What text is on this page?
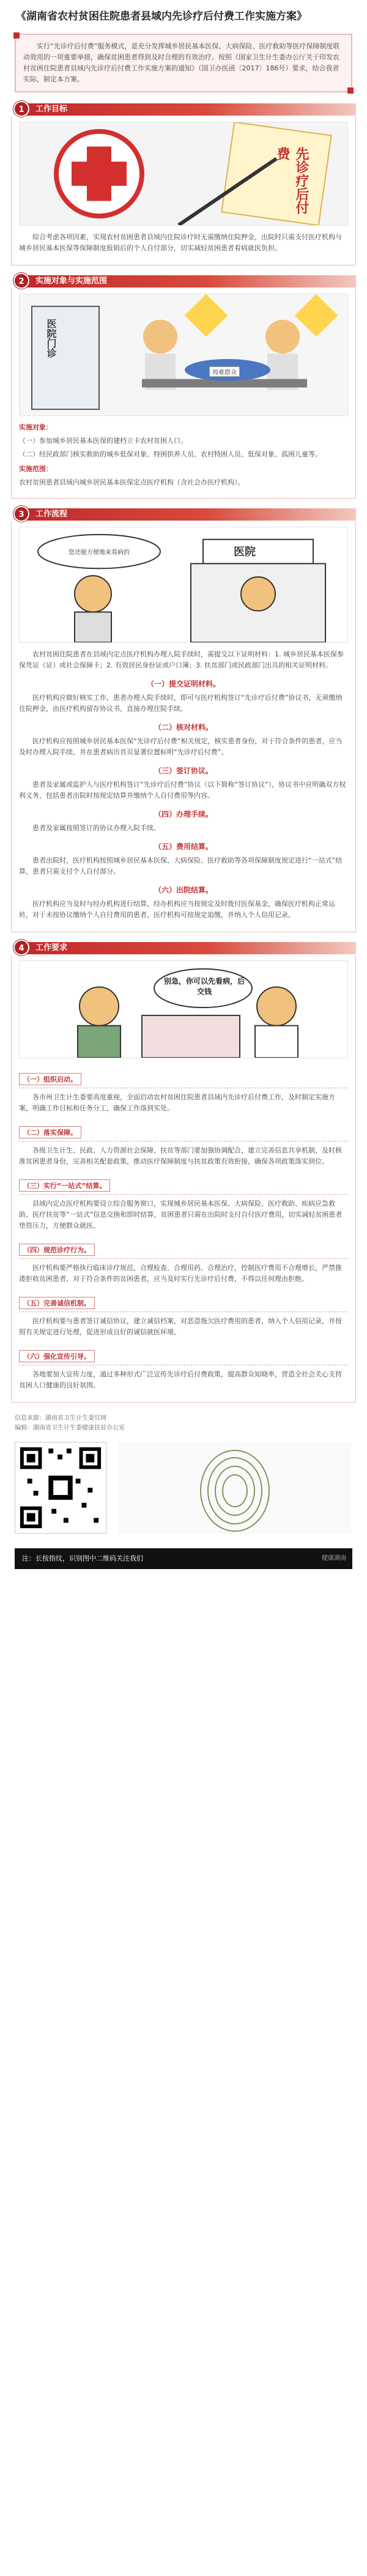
《湖南省农村贫困住院患者县域内先诊疗后付费工作实施方案》
实行“先诊疗后付费”服务模式，是充分发挥城乡居民基本医保、大病保险、医疗救助等医疗保障制度联动效用的一项重要举措，确保贫困患者得到及时合理的有效治疗。按照《国家卫生计生委办公厅关于印发农村贫困住院患者县域内先诊疗后付费工作实施方案的通知》（国卫办医函〔2017〕186号）要求，结合我省实际，制定本方案。
1	工作目标
先诊疗后付费
综合考虑各项因素，实现农村贫困患者县域内住院诊疗时无需缴纳住院押金，出院时只需支付医疗机构与城乡居民基本医保等保障制度报销后的个人自付部分，切实减轻贫困患者看病就医负担。
2	实施对象与实施范围
医院门诊
周难群众
实施对象：
（一）参加城乡居民基本医保的建档立卡农村贫困人口。
（二）经民政部门核实救助的城乡低保对象、特困供养人员、农村特困人员、低保对象、孤困儿童等。
实施范围：
农村贫困患者县域内城乡居民基本医保定点医疗机构（含社会办医疗机构）。
3	工作流程
医院
您还能方便地来看病的
农村贫困住院患者在县域内定点医疗机构办理入院手续时，需提交以下证明材料：1. 城乡居民基本医保参保凭证（证）或社会保障卡；2. 有效居民身份证或户口簿；3. 扶贫部门或民政部门出具的相关证明材料。
（一）提交证明材料。
医疗机构应做好核实工作，患者办理入院手续时，即可与医疗机构签订“先诊疗后付费”协议书，无须缴纳住院押金，由医疗机构留存协议书，直接办理住院手续。
（二）核对材料。
医疗机构应按照城乡居民基本医保“先诊疗后付费”相关规定，核实患者身份，对于符合条件的患者，应当及时办理入院手续，并在患者病历首页显著位置标明“先诊疗后付费”。
（三）签订协议。
患者及家属或监护人与医疗机构签订“先诊疗后付费”协议（以下简称“签订协议”），协议书中应明确双方权利义务，包括患者出院时按规定结算并缴纳个人自付费用等内容。
（四）办理手续。
患者及家属按照签订的协议办理入院手续。
（五）费用结算。
患者出院时，医疗机构按照城乡居民基本医保、大病保险、医疗救助等各项保障制度规定进行“一站式”结算，患者只需支付个人自付部分。
（六）出院结算。
医疗机构应当及时与经办机构进行结算，经办机构应当按规定及时拨付医保基金，确保医疗机构正常运转，对于未按协议缴纳个人自付费用的患者，医疗机构可按规定追缴，并纳入个人信用记录。
4	工作要求
别急，你可以先看病，后交钱
（一）组织启动。
各市州卫生计生委要高度重视，全面启动农村贫困住院患者县域内先诊疗后付费工作，及时制定实施方案，明确工作目标和任务分工，确保工作落到实处。
（二）落实保障。
各级卫生计生、民政、人力资源社会保障、扶贫等部门要加强协调配合，建立完善信息共享机制，及时核准贫困患者身份，完善相关配套政策，推动医疗保障制度与扶贫政策有效衔接，确保各项政策落实到位。
（三）实行“一站式”结算。
县域内定点医疗机构要设立综合服务窗口，实现城乡居民基本医保、大病保险、医疗救助、疾病应急救助、医疗扶贫等“一站式”信息交换和即时结算，贫困患者只需在出院时支付自付医疗费用，切实减轻贫困患者垫资压力，方便群众就医。
（四）规范诊疗行为。
医疗机构要严格执行临床诊疗规范，合理检查、合理用药、合理治疗，控制医疗费用不合理增长，严禁推诿拒收贫困患者，对于符合条件的贫困患者，应当及时实行先诊疗后付费，不得以任何理由拒绝。
（五）完善诚信机制。
医疗机构要与患者签订诚信协议，建立诚信档案，对恶意拖欠医疗费用的患者，纳入个人信用记录，并按照有关规定进行处理，促进形成良好的诚信就医环境。
（六）强化宣传引导。
各地要加大宣传力度，通过多种形式广泛宣传先诊疗后付费政策，提高群众知晓率，营造全社会关心支持贫困人口健康的良好氛围。
信息来源：湖南省卫生计生委官网
编辑：湖南省卫生计生委健康扶贫办公室
注：长按指纹，识别图中二维码关注我们	健康湖南
